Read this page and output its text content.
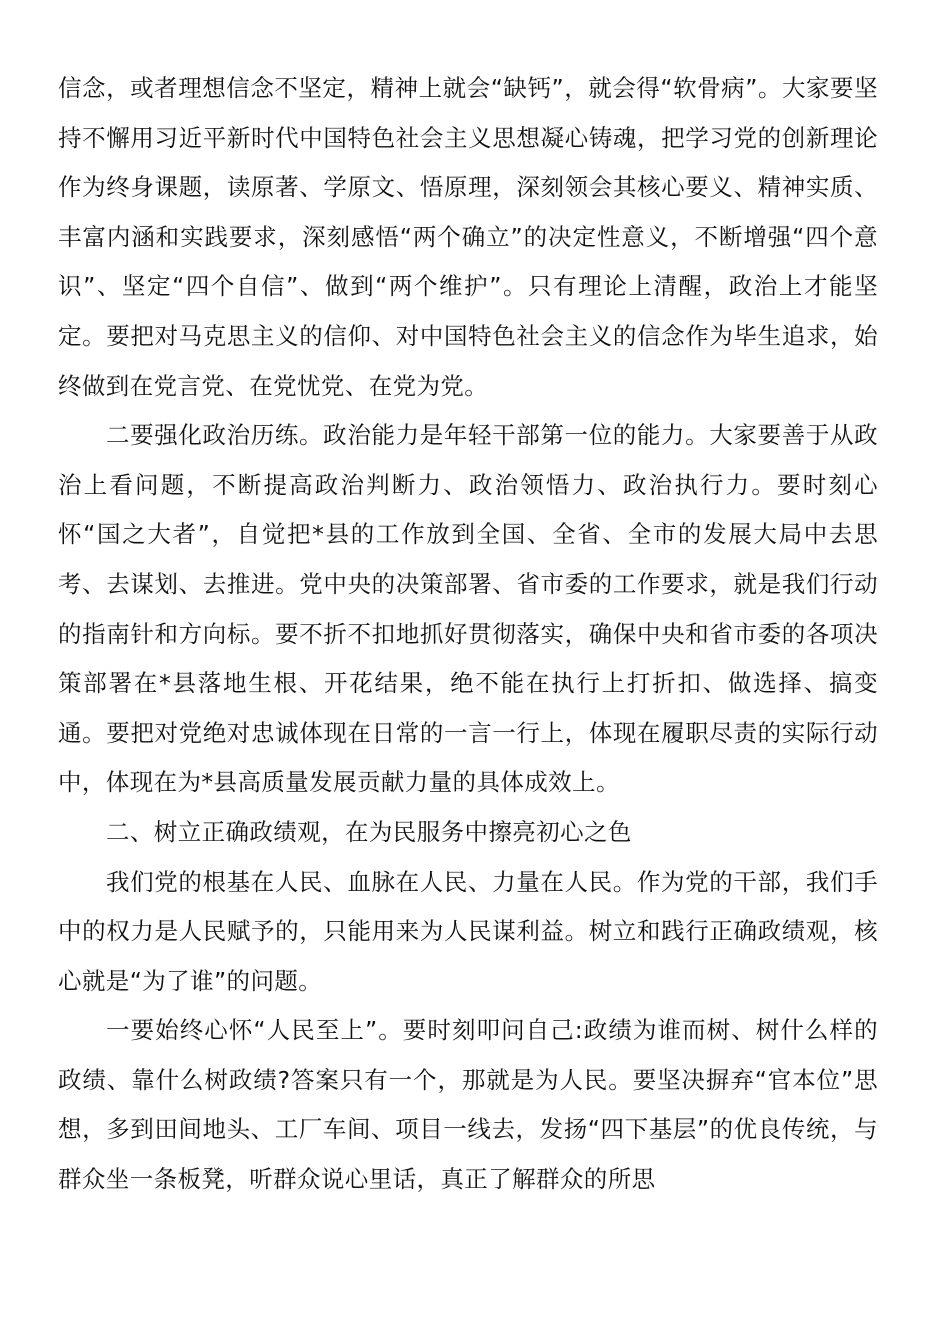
信念，或者理想信念不坚定，精神上就会“缺钙”，就会得“软骨病”。大家要坚持不懈用习近平新时代中国特色社会主义思想凝心铸魂，把学习党的创新理论作为终身课题，读原著、学原文、悟原理，深刻领会其核心要义、精神实质、丰富内涵和实践要求，深刻感悟“两个确立”的决定性意义，不断增强“四个意识”、坚定“四个自信”、做到“两个维护”。只有理论上清醒，政治上才能坚定。要把对马克思主义的信仰、对中国特色社会主义的信念作为毕生追求，始终做到在党言党、在党忧党、在党为党。

二要强化政治历练。政治能力是年轻干部第一位的能力。大家要善于从政治上看问题，不断提高政治判断力、政治领悟力、政治执行力。要时刻心怀“国之大者”，自觉把*县的工作放到全国、全省、全市的发展大局中去思考、去谋划、去推进。党中央的决策部署、省市委的工作要求，就是我们行动的指南针和方向标。要不折不扣地抓好贯彻落实，确保中央和省市委的各项决策部署在*县落地生根、开花结果，绝不能在执行上打折扣、做选择、搞变通。要把对党绝对忠诚体现在日常的一言一行上，体现在履职尽责的实际行动中，体现在为*县高质量发展贡献力量的具体成效上。

二、树立正确政绩观，在为民服务中擦亮初心之色

我们党的根基在人民、血脉在人民、力量在人民。作为党的干部，我们手中的权力是人民赋予的，只能用来为人民谋利益。树立和践行正确政绩观，核心就是“为了谁”的问题。

一要始终心怀“人民至上”。要时刻叩问自己:政绩为谁而树、树什么样的政绩、靠什么树政绩?答案只有一个，那就是为人民。要坚决摒弃“官本位”思想，多到田间地头、工厂车间、项目一线去，发扬“四下基层”的优良传统，与群众坐一条板凳，听群众说心里话，真正了解群众的所思
